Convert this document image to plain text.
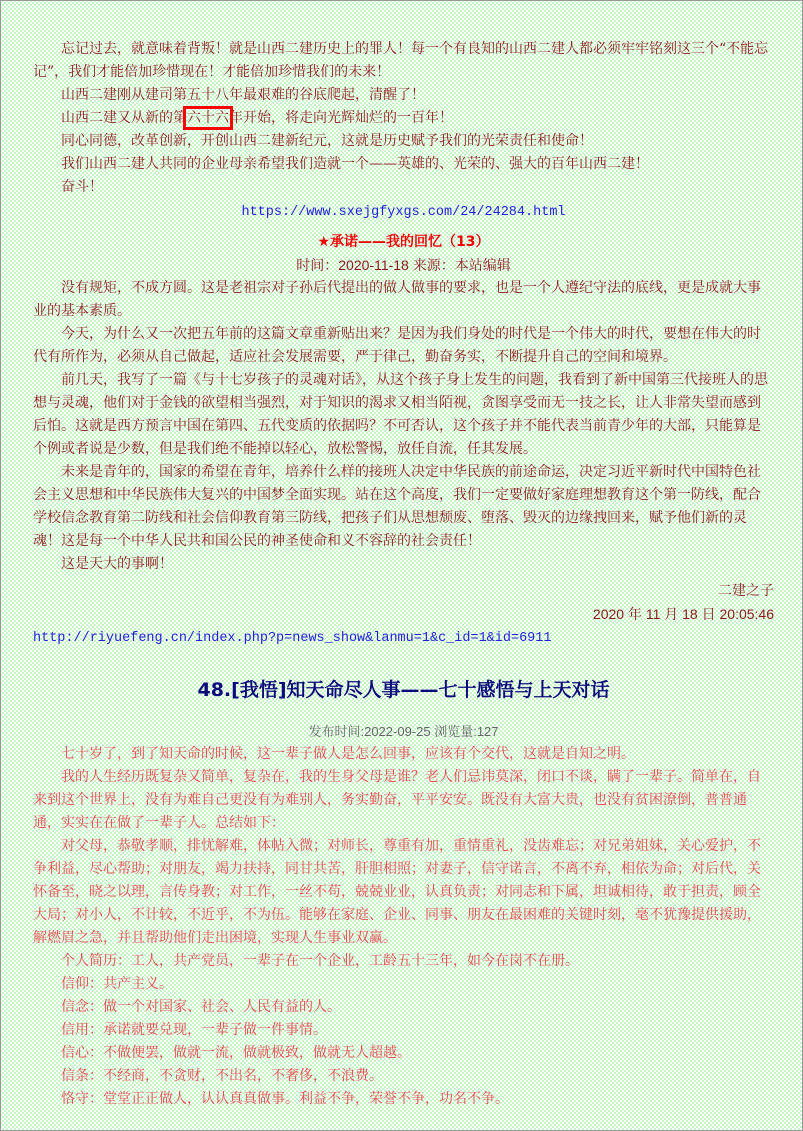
忘记过去，就意味着背叛！就是山西二建历史上的罪人！每一个有良知的山西二建人都必须牢牢铭刻这三个“不能忘记”，我们才能倍加珍惜现在！才能倍加珍惜我们的未来！

山西二建刚从建司第五十八年最艰难的谷底爬起，清醒了！

山西二建又从新的第六十六年开始，将走向光辉灿烂的一百年！

同心同德，改革创新，开创山西二建新纪元，这就是历史赋予我们的光荣责任和使命！

我们山西二建人共同的企业母亲希望我们造就一个——英雄的、光荣的、强大的百年山西二建！

奋斗！

https://www.sxejgfyxgs.com/24/24284.html

★承诺——我的回忆（13）
时间：2020-11-18 来源：本站编辑

没有规矩，不成方圆。这是老祖宗对子孙后代提出的做人做事的要求，也是一个人遵纪守法的底线，更是成就大事业的基本素质。

今天，为什么又一次把五年前的这篇文章重新贴出来？是因为我们身处的时代是一个伟大的时代，要想在伟大的时代有所作为，必须从自己做起，适应社会发展需要，严于律己，勤奋务实，不断提升自己的空间和境界。

前几天，我写了一篇《与十七岁孩子的灵魂对话》，从这个孩子身上发生的问题，我看到了新中国第三代接班人的思想与灵魂，他们对于金钱的欲望相当强烈，对于知识的渴求又相当陌视，贪图享受而无一技之长，让人非常失望而感到后怕。这就是西方预言中国在第四、五代变质的依据吗？不可否认，这个孩子并不能代表当前青少年的大部，只能算是个例或者说是少数，但是我们绝不能掉以轻心，放松警惕，放任自流，任其发展。

未来是青年的，国家的希望在青年，培养什么样的接班人决定中华民族的前途命运，决定习近平新时代中国特色社会主义思想和中华民族伟大复兴的中国梦全面实现。站在这个高度，我们一定要做好家庭理想教育这个第一防线，配合学校信念教育第二防线和社会信仰教育第三防线，把孩子们从思想颓废、堕落、毁灭的边缘拽回来，赋予他们新的灵魂！这是每一个中华人民共和国公民的神圣使命和义不容辞的社会责任！

这是天大的事啊！

二建之子
2020 年 11 月 18 日 20:05:46
http://riyuefeng.cn/index.php?p=news_show&lanmu=1&c_id=1&id=6911
48.[我悟]知天命尽人事——七十感悟与上天对话
发布时间:2022-09-25 浏览量:127

七十岁了，到了知天命的时候，这一辈子做人是怎么回事，应该有个交代，这就是自知之明。

我的人生经历既复杂又简单，复杂在，我的生身父母是谁？老人们忌讳莫深，闭口不谈，瞒了一辈子。简单在，自来到这个世界上，没有为难自己更没有为难别人，务实勤奋，平平安安。既没有大富大贵，也没有贫困潦倒，普普通通，实实在在做了一辈子人。总结如下：

对父母，恭敬孝顺，排忧解难，体帖入微；对师长，尊重有加，重情重礼，没齿难忘；对兄弟姐妹，关心爱护，不争利益，尽心帮助；对朋友，竭力扶持，同甘共苦，肝胆相照；对妻子，信守诺言，不离不弃，相依为命；对后代，关怀备至，晓之以理，言传身教；对工作，一丝不苟，兢兢业业，认真负责；对同志和下属，坦诚相待，敢于担责，顾全大局；对小人，不计较，不近乎，不为伍。能够在家庭、企业、同事、朋友在最困难的关键时刻，毫不犹豫提供援助，解燃眉之急，并且帮助他们走出困境，实现人生事业双赢。

个人简历：工人，共产党员，一辈子在一个企业，工龄五十三年，如今在岗不在册。

信仰：共产主义。

信念：做一个对国家、社会、人民有益的人。

信用：承诺就要兑现，一辈子做一件事情。

信心：不做便罢，做就一流，做就极致，做就无人超越。

信条：不经商，不贪财，不出名，不奢侈，不浪费。

恪守：堂堂正正做人，认认真真做事。利益不争，荣誉不争，功名不争。
